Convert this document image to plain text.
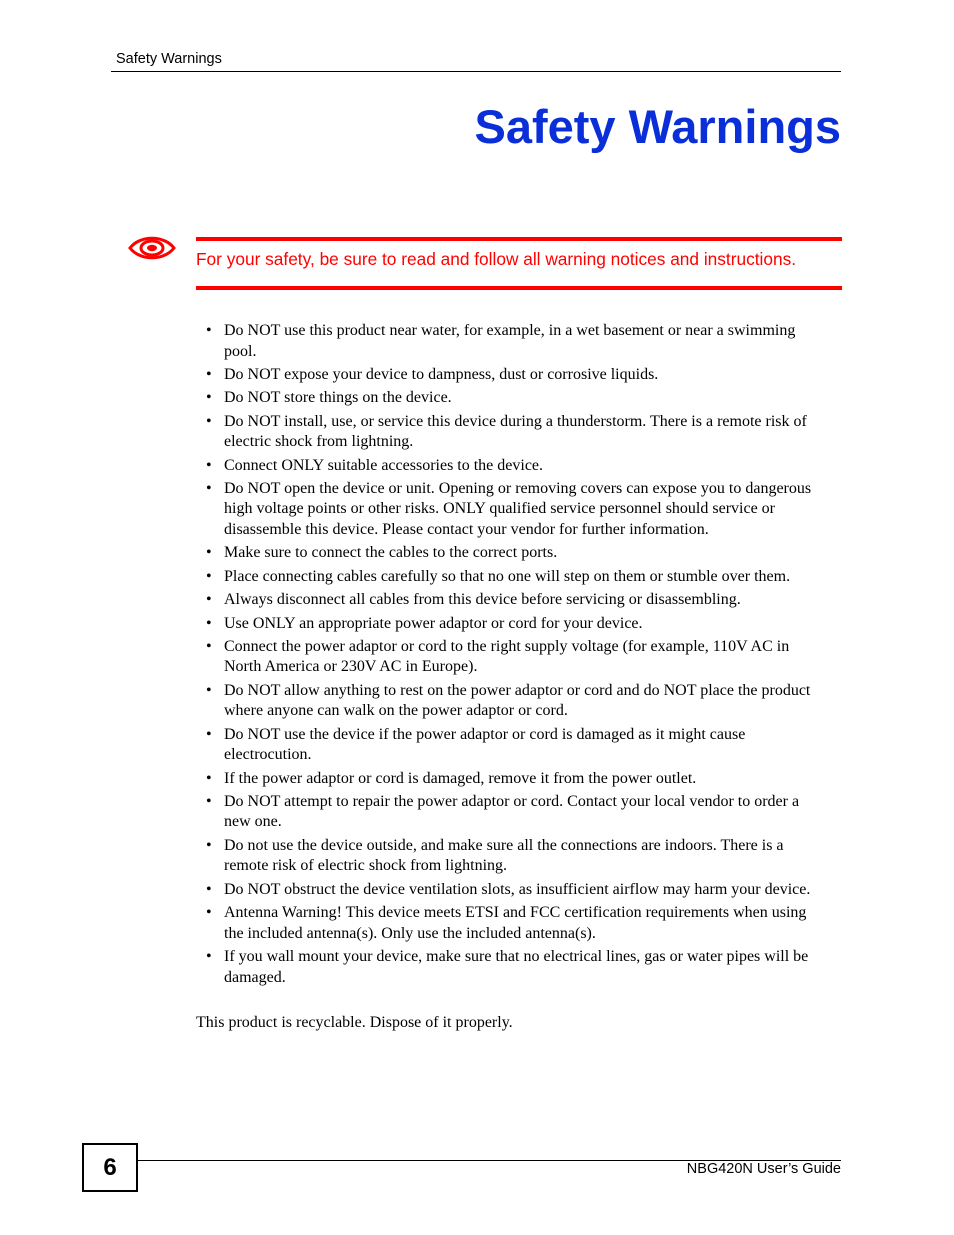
Safety Warnings
Safety Warnings
For your safety, be sure to read and follow all warning notices and instructions.
• Do NOT use this product near water, for example, in a wet basement or near a swimming pool.
• Do NOT expose your device to dampness, dust or corrosive liquids.
• Do NOT store things on the device.
• Do NOT install, use, or service this device during a thunderstorm. There is a remote risk of electric shock from lightning.
• Connect ONLY suitable accessories to the device.
• Do NOT open the device or unit. Opening or removing covers can expose you to dangerous high voltage points or other risks. ONLY qualified service personnel should service or disassemble this device. Please contact your vendor for further information.
• Make sure to connect the cables to the correct ports.
• Place connecting cables carefully so that no one will step on them or stumble over them.
• Always disconnect all cables from this device before servicing or disassembling.
• Use ONLY an appropriate power adaptor or cord for your device.
• Connect the power adaptor or cord to the right supply voltage (for example, 110V AC in North America or 230V AC in Europe).
• Do NOT allow anything to rest on the power adaptor or cord and do NOT place the product where anyone can walk on the power adaptor or cord.
• Do NOT use the device if the power adaptor or cord is damaged as it might cause electrocution.
• If the power adaptor or cord is damaged, remove it from the power outlet.
• Do NOT attempt to repair the power adaptor or cord. Contact your local vendor to order a new one.
• Do not use the device outside, and make sure all the connections are indoors. There is a remote risk of electric shock from lightning.
• Do NOT obstruct the device ventilation slots, as insufficient airflow may harm your device.
• Antenna Warning! This device meets ETSI and FCC certification requirements when using the included antenna(s). Only use the included antenna(s).
• If you wall mount your device, make sure that no electrical lines, gas or water pipes will be damaged.
This product is recyclable. Dispose of it properly.
6	NBG420N User’s Guide
